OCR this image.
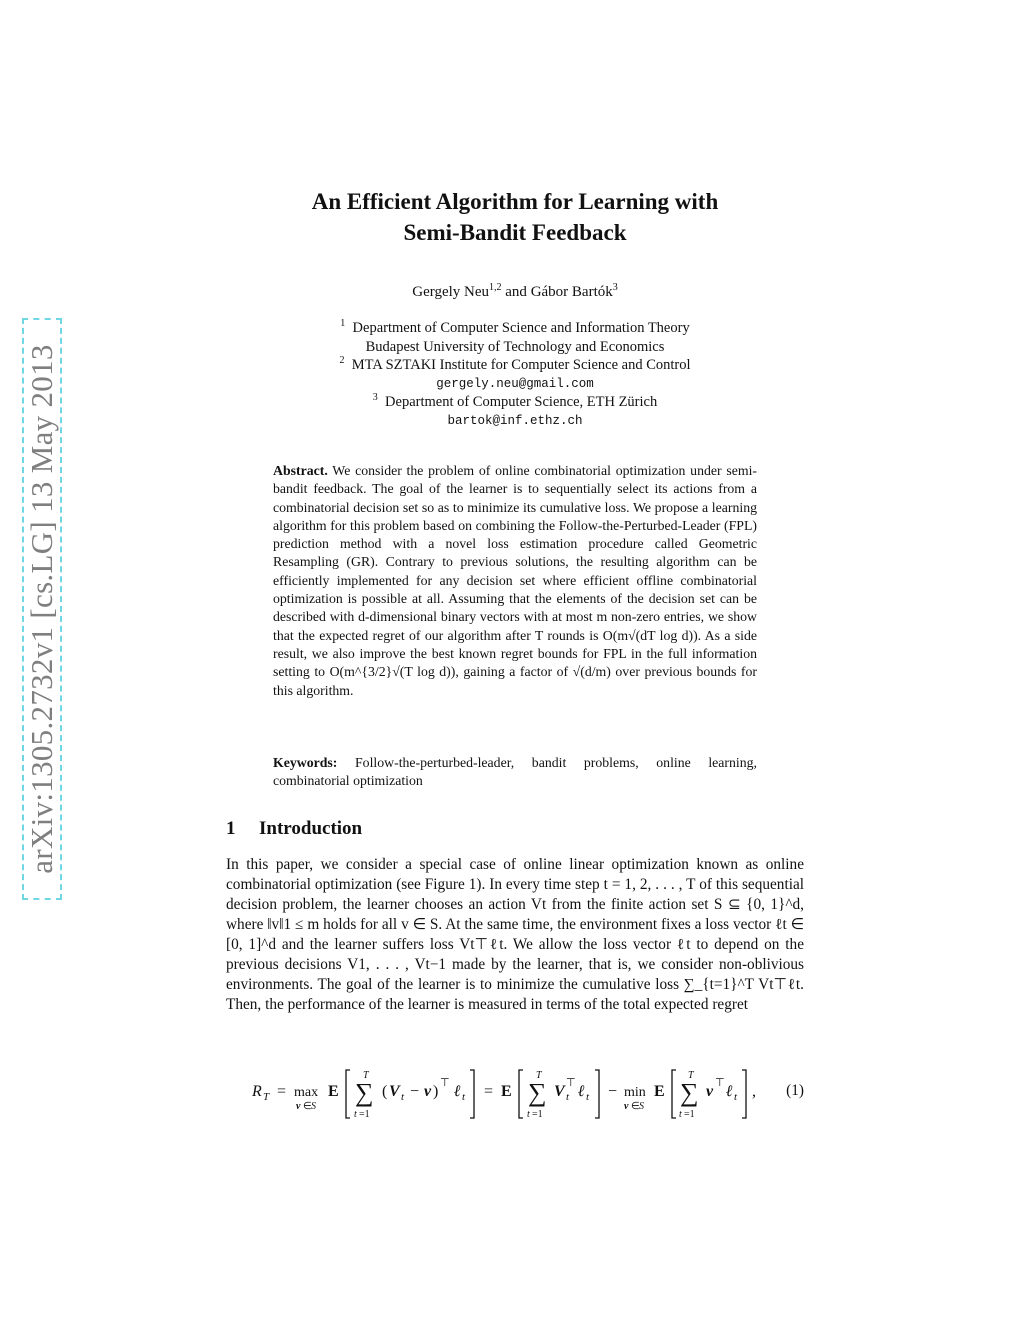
arXiv:1305.2732v1 [cs.LG] 13 May 2013
An Efficient Algorithm for Learning with
Semi-Bandit Feedback
Gergely Neu$^{1,2}$ and Gábor Bartók$^3$
$^1$ Department of Computer Science and Information Theory
Budapest University of Technology and Economics
$^2$ MTA SZTAKI Institute for Computer Science and Control
gergely.neu@gmail.com
$^3$ Department of Computer Science, ETH Zürich
bartok@inf.ethz.ch
Abstract. We consider the problem of online combinatorial optimization under semi-bandit feedback. The goal of the learner is to sequentially select its actions from a combinatorial decision set so as to minimize its cumulative loss. We propose a learning algorithm for this problem based on combining the Follow-the-Perturbed-Leader (FPL) prediction method with a novel loss estimation procedure called Geometric Resampling (GR). Contrary to previous solutions, the resulting algorithm can be efficiently implemented for any decision set where efficient offline combinatorial optimization is possible at all. Assuming that the elements of the decision set can be described with d-dimensional binary vectors with at most m non-zero entries, we show that the expected regret of our algorithm after T rounds is O(m√(dT log d)). As a side result, we also improve the best known regret bounds for FPL in the full information setting to O(m^{3/2}√(T log d)), gaining a factor of √(d/m) over previous bounds for this algorithm.
Keywords: Follow-the-perturbed-leader, bandit problems, online learning, combinatorial optimization
1 Introduction
In this paper, we consider a special case of online linear optimization known as online combinatorial optimization (see Figure 1). In every time step t = 1, 2, . . . , T of this sequential decision problem, the learner chooses an action Vt from the finite action set S ⊆ {0, 1}^d, where ‖v‖1 ≤ m holds for all v ∈ S. At the same time, the environment fixes a loss vector ℓt ∈ [0, 1]^d and the learner suffers loss Vt⊤ℓt. We allow the loss vector ℓt to depend on the previous decisions V1, . . . , Vt−1 made by the learner, that is, we consider non-oblivious environments. The goal of the learner is to minimize the cumulative loss ∑_{t=1}^T Vt⊤ℓt. Then, the performance of the learner is measured in terms of the total expected regret
R T = max
v ∈ S
E
T
∑
t =1
( V t − v ) ⊤ ℓ t = E
T
∑
t =1
V t
⊤ ℓ t − min
v ∈ S
E
T
∑
t =1
v ⊤ ℓ t , (1)
